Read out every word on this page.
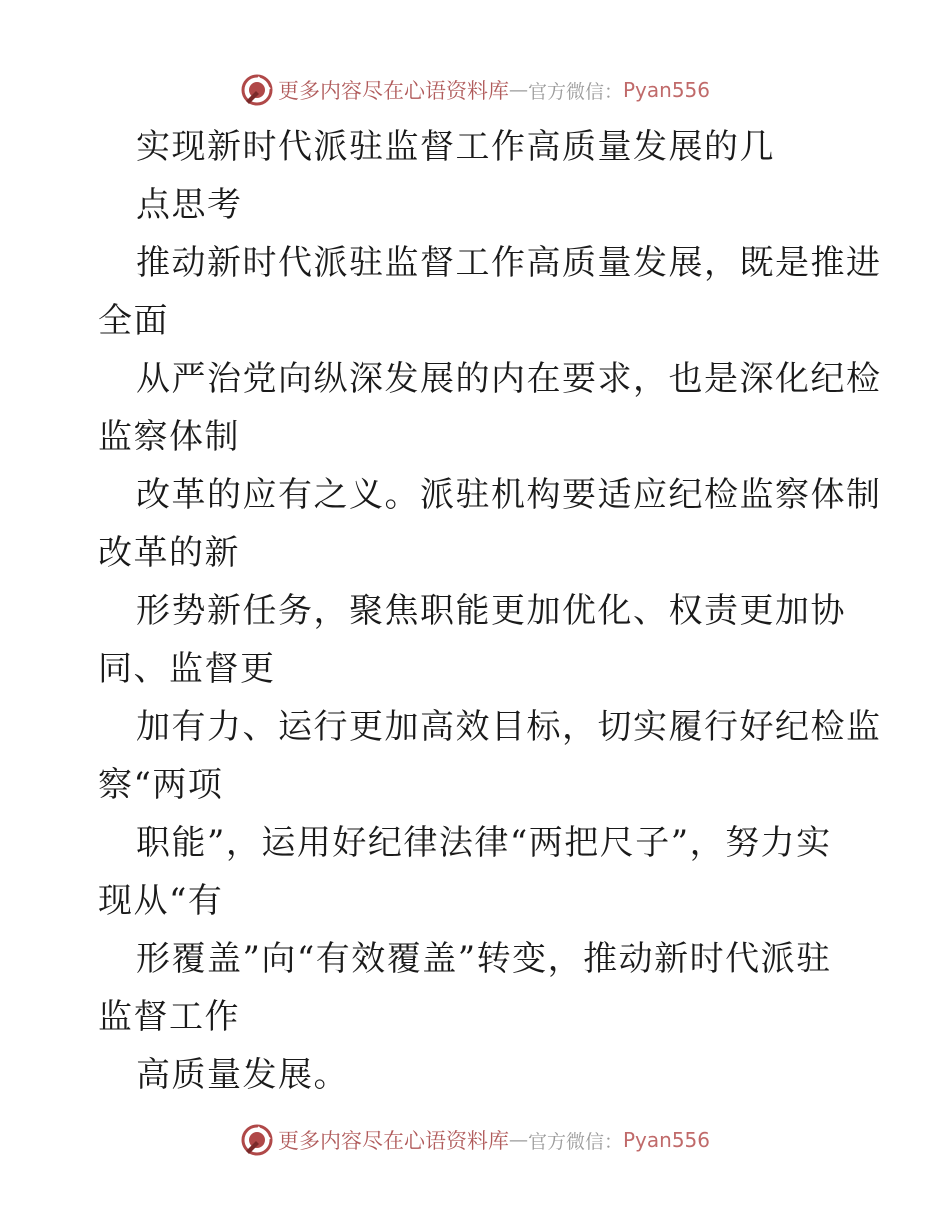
更多内容尽在心语资料库 — 官方微信： Pyan556
实现新时代派驻监督工作高质量发展的几
点思考
推动新时代派驻监督工作高质量发展，既是推进
全面
从严治党向纵深发展的内在要求，也是深化纪检
监察体制
改革的应有之义。派驻机构要适应纪检监察体制
改革的新
形势新任务，聚焦职能更加优化、权责更加协
同、监督更
加有力、运行更加高效目标，切实履行好纪检监
察“两项
职能”，运用好纪律法律“两把尺子”，努力实
现从“有
形覆盖”向“有效覆盖”转变，推动新时代派驻
监督工作
高质量发展。
更多内容尽在心语资料库 — 官方微信： Pyan556
